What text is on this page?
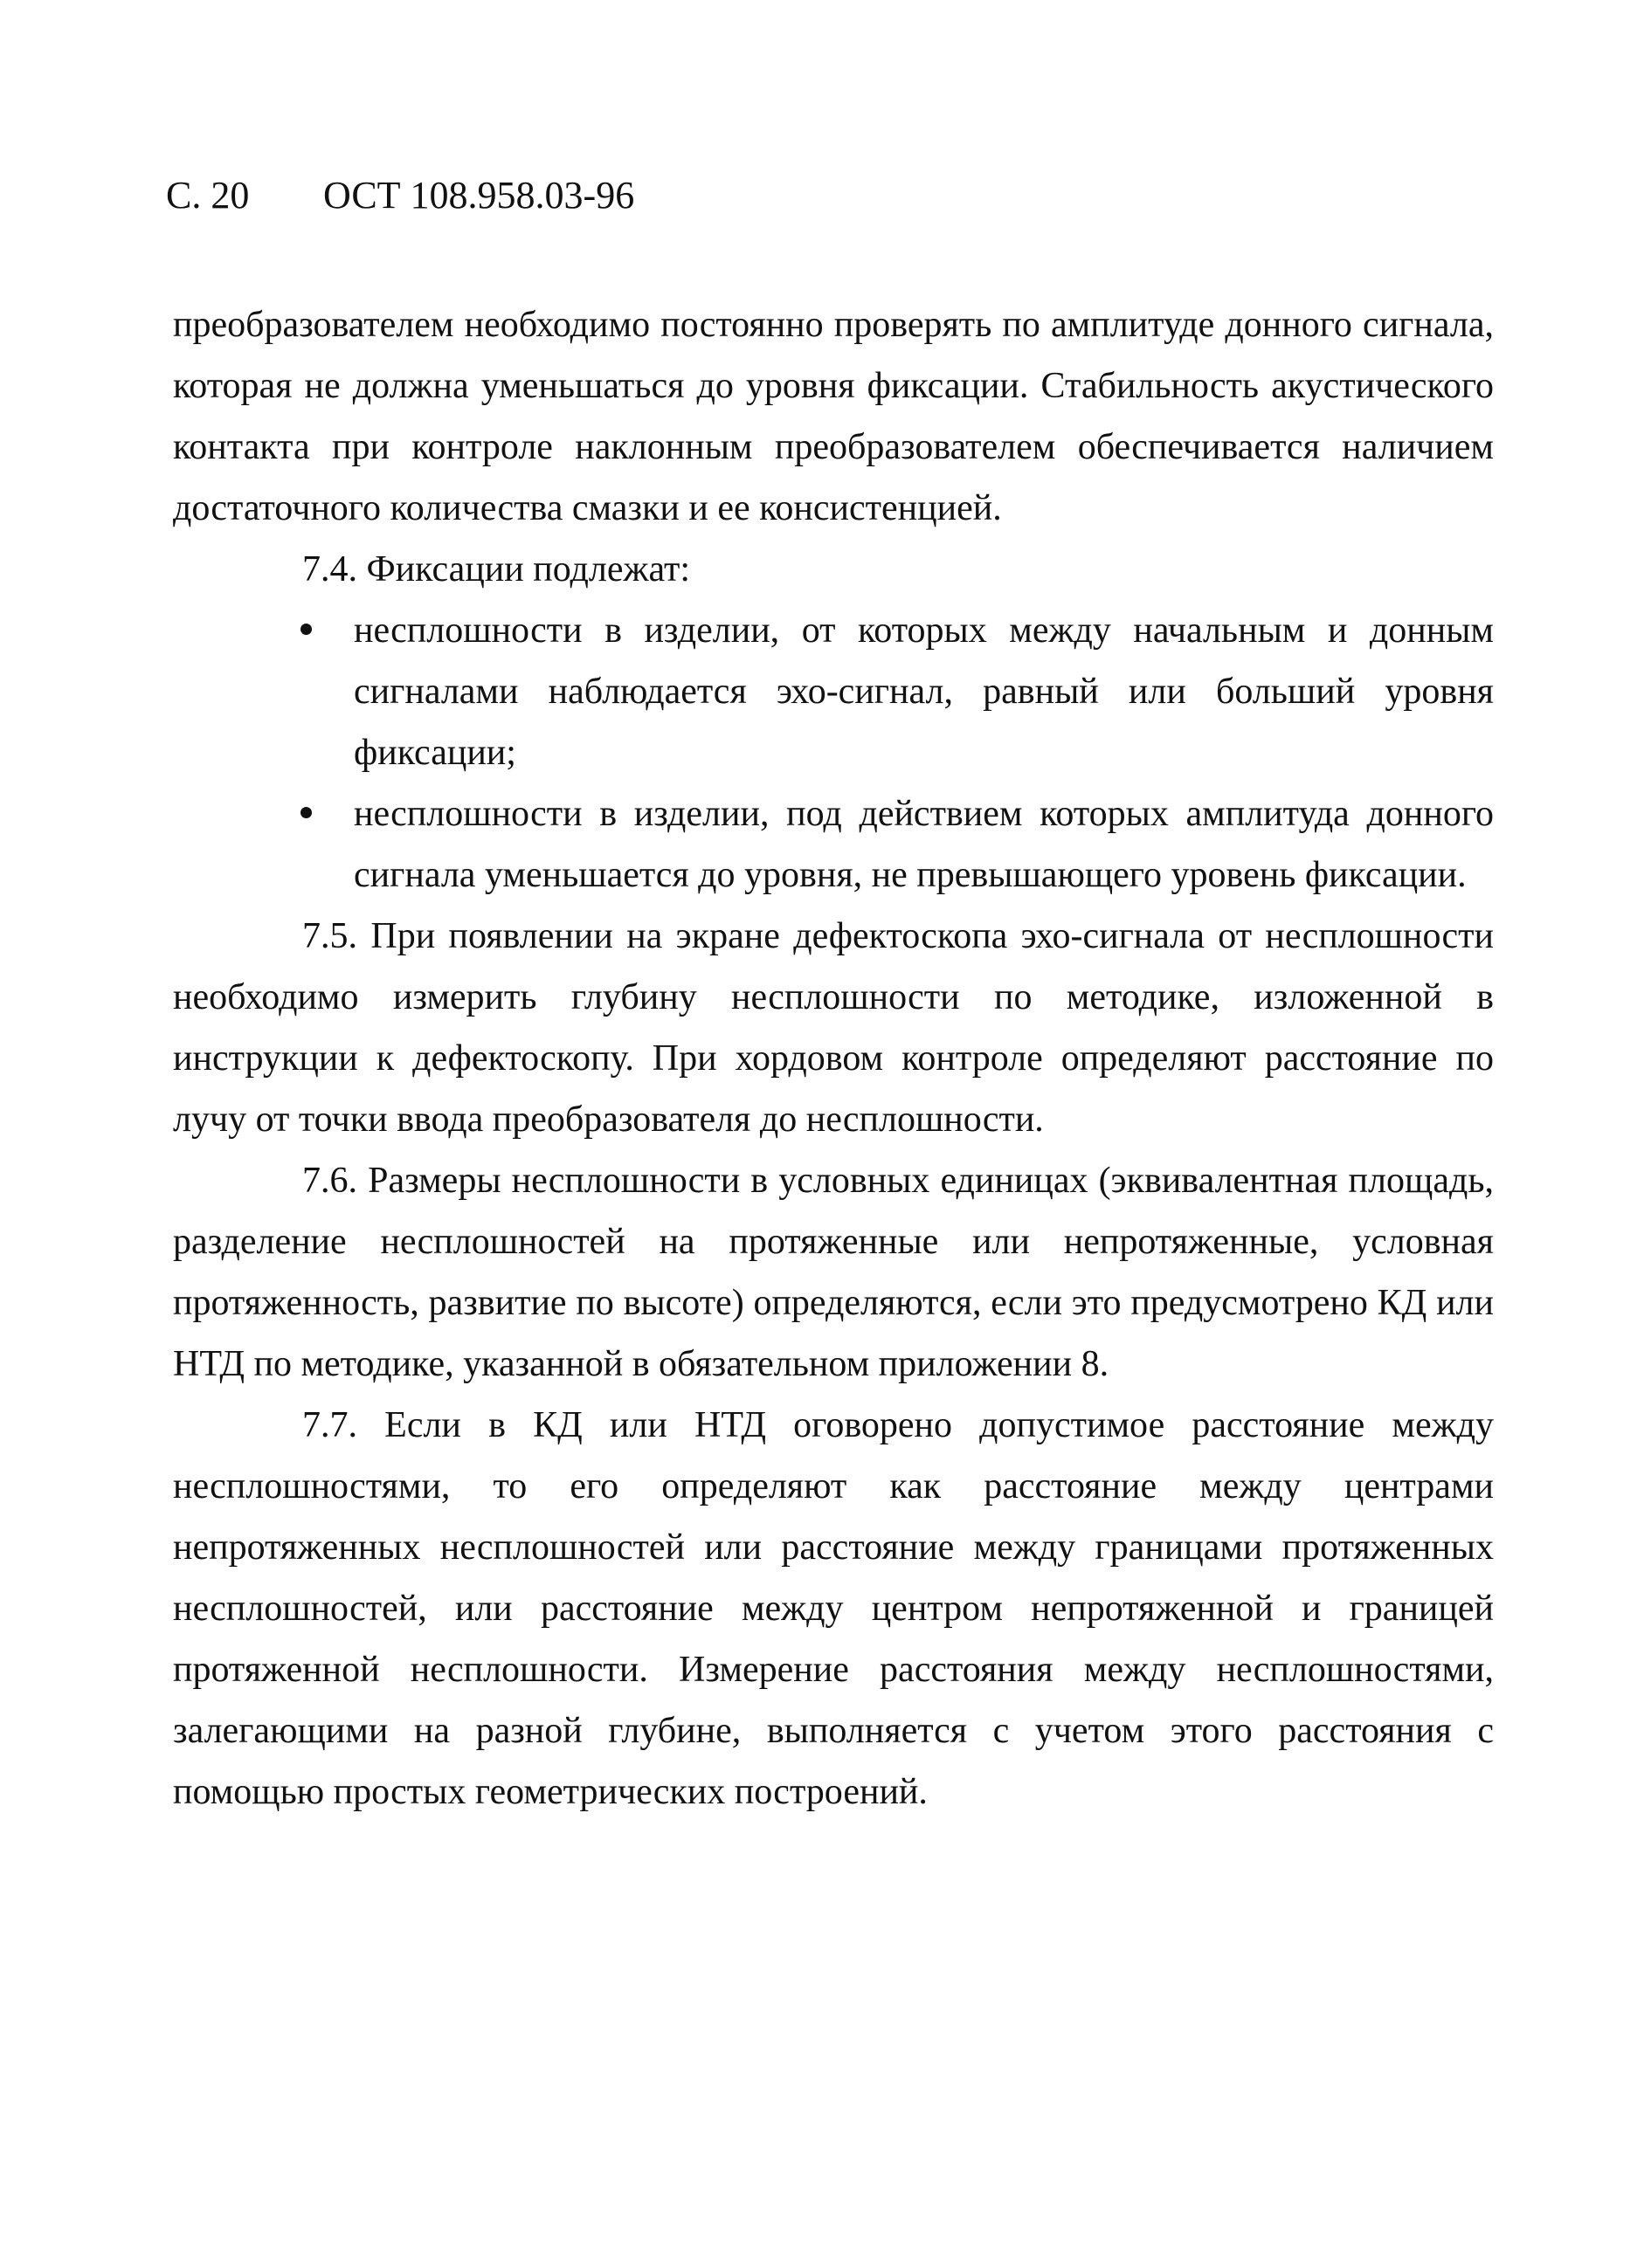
С. 20 ОСТ 108.958.03-96

преобразователем необходимо постоянно проверять по амплитуде донного сигнала, которая не должна уменьшаться до уровня фиксации. Стабильность акустического контакта при контроле наклонным преобразователем обеспечивается наличием достаточного количества смазки и ее консистенцией.

7.4. Фиксации подлежат:

несплошности в изделии, от которых между начальным и донным сигналами наблюдается эхо-сигнал, равный или больший уровня фиксации;
несплошности в изделии, под действием которых амплитуда донного сигнала уменьшается до уровня, не превышающего уровень фиксации.

7.5. При появлении на экране дефектоскопа эхо-сигнала от несплошности необходимо измерить глубину несплошности по методике, изложенной в инструкции к дефектоскопу. При хордовом контроле определяют расстояние по лучу от точки ввода преобразователя до несплошности.

7.6. Размеры несплошности в условных единицах (эквивалентная площадь, разделение несплошностей на протяженные или непротяженные, условная протяженность, развитие по высоте) определяются, если это предусмотрено КД или НТД по методике, указанной в обязательном приложении 8.

7.7. Если в КД или НТД оговорено допустимое расстояние между несплошностями, то его определяют как расстояние между центрами непротяженных несплошностей или расстояние между границами протяженных несплошностей, или расстояние между центром непротяженной и границей протяженной несплошности. Измерение расстояния между несплошностями, залегающими на разной глубине, выполняется с учетом этого расстояния с помощью простых геометрических построений.
